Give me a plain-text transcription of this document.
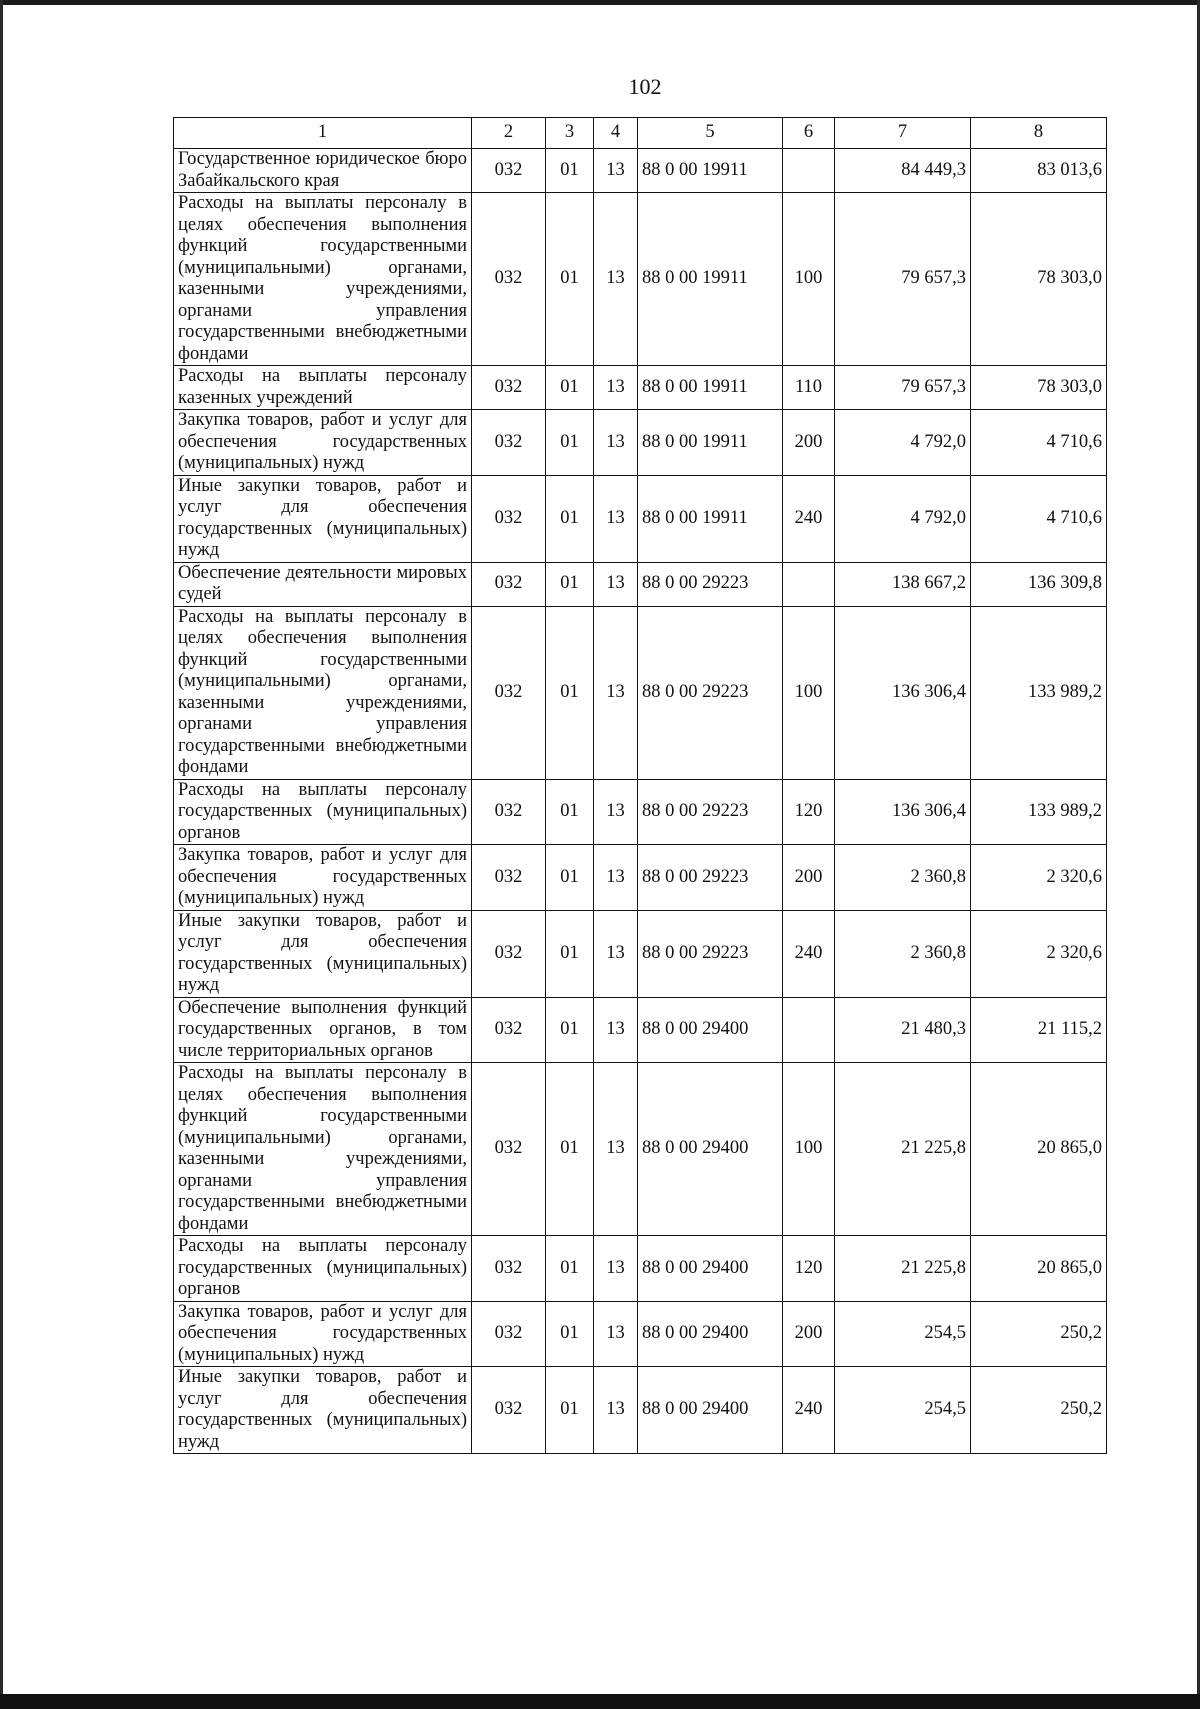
102
1	2	3	4	5	6	7	8
Государственное юридическое бюро Забайкальского края	032	01	13	88 0 00 19911		84 449,3	83 013,6
Расходы на выплаты персоналу в целях обеспечения выполнения функций государственными (муниципальными) органами, казенными учреждениями, органами управления государственными внебюджетными фондами	032	01	13	88 0 00 19911	100	79 657,3	78 303,0
Расходы на выплаты персоналу казенных учреждений	032	01	13	88 0 00 19911	110	79 657,3	78 303,0
Закупка товаров, работ и услуг для обеспечения государственных (муниципальных) нужд	032	01	13	88 0 00 19911	200	4 792,0	4 710,6
Иные закупки товаров, работ и услуг для обеспечения государственных (муниципальных) нужд	032	01	13	88 0 00 19911	240	4 792,0	4 710,6
Обеспечение деятельности мировых судей	032	01	13	88 0 00 29223		138 667,2	136 309,8
Расходы на выплаты персоналу в целях обеспечения выполнения функций государственными (муниципальными) органами, казенными учреждениями, органами управления государственными внебюджетными фондами	032	01	13	88 0 00 29223	100	136 306,4	133 989,2
Расходы на выплаты персоналу государственных (муниципальных) органов	032	01	13	88 0 00 29223	120	136 306,4	133 989,2
Закупка товаров, работ и услуг для обеспечения государственных (муниципальных) нужд	032	01	13	88 0 00 29223	200	2 360,8	2 320,6
Иные закупки товаров, работ и услуг для обеспечения государственных (муниципальных) нужд	032	01	13	88 0 00 29223	240	2 360,8	2 320,6
Обеспечение выполнения функций государственных органов, в том числе территориальных органов	032	01	13	88 0 00 29400		21 480,3	21 115,2
Расходы на выплаты персоналу в целях обеспечения выполнения функций государственными (муниципальными) органами, казенными учреждениями, органами управления государственными внебюджетными фондами	032	01	13	88 0 00 29400	100	21 225,8	20 865,0
Расходы на выплаты персоналу государственных (муниципальных) органов	032	01	13	88 0 00 29400	120	21 225,8	20 865,0
Закупка товаров, работ и услуг для обеспечения государственных (муниципальных) нужд	032	01	13	88 0 00 29400	200	254,5	250,2
Иные закупки товаров, работ и услуг для обеспечения государственных (муниципальных) нужд	032	01	13	88 0 00 29400	240	254,5	250,2
